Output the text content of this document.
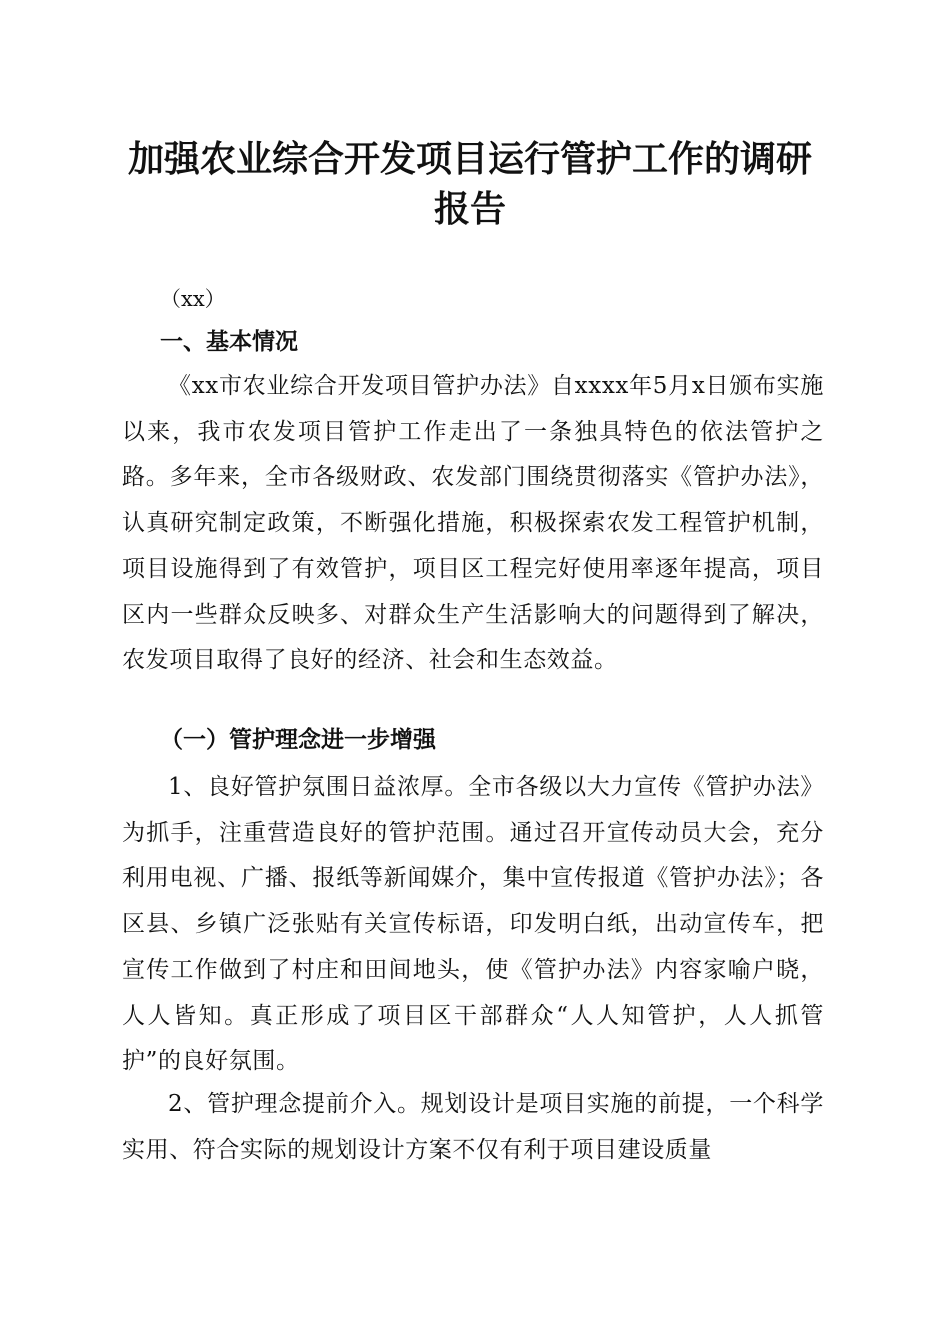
加强农业综合开发项目运行管护工作的调研报告

（xx）

一、基本情况

《xx市农业综合开发项目管护办法》自xxxx年5月x日颁布实施以来，我市农发项目管护工作走出了一条独具特色的依法管护之路。多年来，全市各级财政、农发部门围绕贯彻落实《管护办法》，认真研究制定政策，不断强化措施，积极探索农发工程管护机制，项目设施得到了有效管护，项目区工程完好使用率逐年提高，项目区内一些群众反映多、对群众生产生活影响大的问题得到了解决，农发项目取得了良好的经济、社会和生态效益。

（一）管护理念进一步增强

1、良好管护氛围日益浓厚。全市各级以大力宣传《管护办法》为抓手，注重营造良好的管护范围。通过召开宣传动员大会，充分利用电视、广播、报纸等新闻媒介，集中宣传报道《管护办法》；各区县、乡镇广泛张贴有关宣传标语，印发明白纸，出动宣传车，把宣传工作做到了村庄和田间地头，使《管护办法》内容家喻户晓，人人皆知。真正形成了项目区干部群众“人人知管护，人人抓管护”的良好氛围。

2、管护理念提前介入。规划设计是项目实施的前提，一个科学实用、符合实际的规划设计方案不仅有利于项目建设质量
